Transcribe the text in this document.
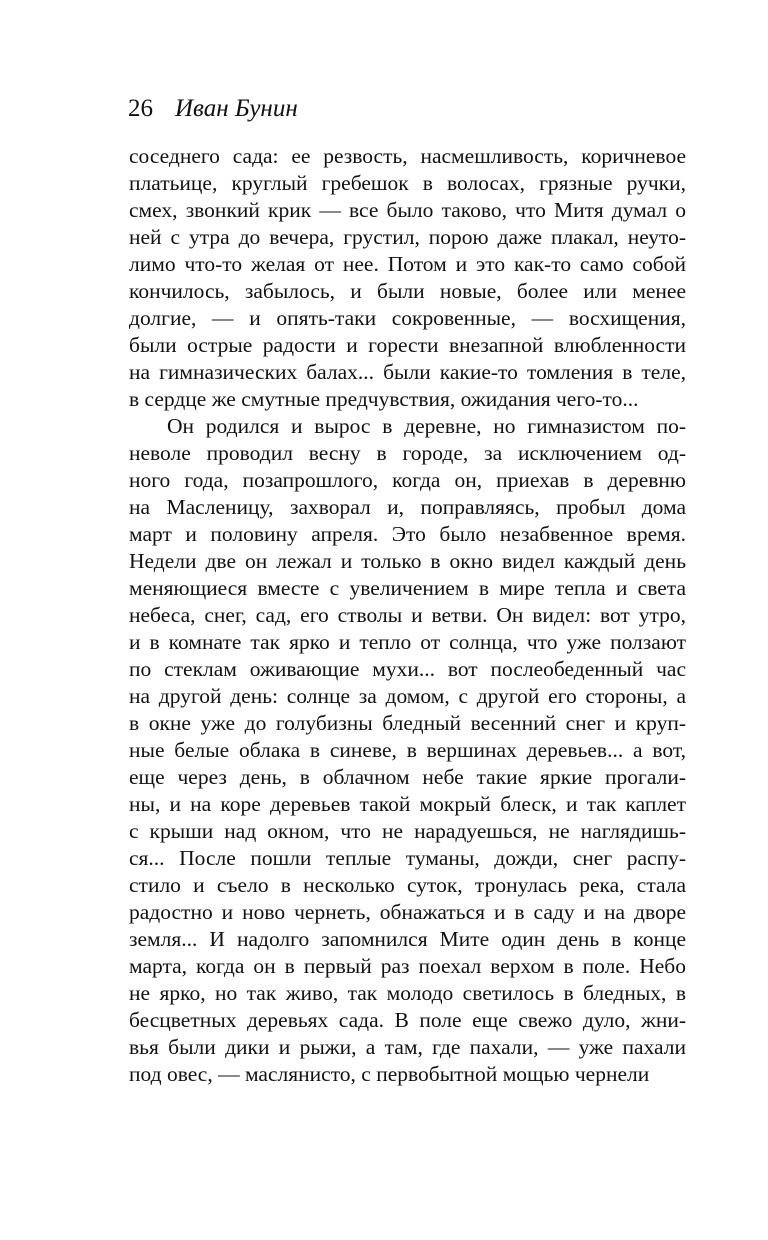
26 Иван Бунин
соседнего сада: ее резвость, насмешливость, коричневое
платьице, круглый гребешок в волосах, грязные ручки,
смех, звонкий крик — все было таково, что Митя думал о
ней с утра до вечера, грустил, порою даже плакал, неуто-
лимо что-то желая от нее. Потом и это как-то само собой
кончилось, забылось, и были новые, более или менее
долгие, — и опять-таки сокровенные, — восхищения,
были острые радости и горести внезапной влюбленности
на гимназических балах... были какие-то томления в теле,
в сердце же смутные предчувствия, ожидания чего-то...
Он родился и вырос в деревне, но гимназистом по-
неволе проводил весну в городе, за исключением од-
ного года, позапрошлого, когда он, приехав в деревню
на Масленицу, захворал и, поправляясь, пробыл дома
март и половину апреля. Это было незабвенное время.
Недели две он лежал и только в окно видел каждый день
меняющиеся вместе с увеличением в мире тепла и света
небеса, снег, сад, его стволы и ветви. Он видел: вот утро,
и в комнате так ярко и тепло от солнца, что уже ползают
по стеклам оживающие мухи... вот послеобеденный час
на другой день: солнце за домом, с другой его стороны, а
в окне уже до голубизны бледный весенний снег и круп-
ные белые облака в синеве, в вершинах деревьев... а вот,
еще через день, в облачном небе такие яркие прогали-
ны, и на коре деревьев такой мокрый блеск, и так каплет
с крыши над окном, что не нарадуешься, не наглядишь-
ся... После пошли теплые туманы, дожди, снег распу-
стило и съело в несколько суток, тронулась река, стала
радостно и ново чернеть, обнажаться и в саду и на дворе
земля... И надолго запомнился Мите один день в конце
марта, когда он в первый раз поехал верхом в поле. Небо
не ярко, но так живо, так молодо светилось в бледных, в
бесцветных деревьях сада. В поле еще свежо дуло, жни-
вья были дики и рыжи, а там, где пахали, — уже пахали
под овес, — маслянисто, с первобытной мощью чернели
